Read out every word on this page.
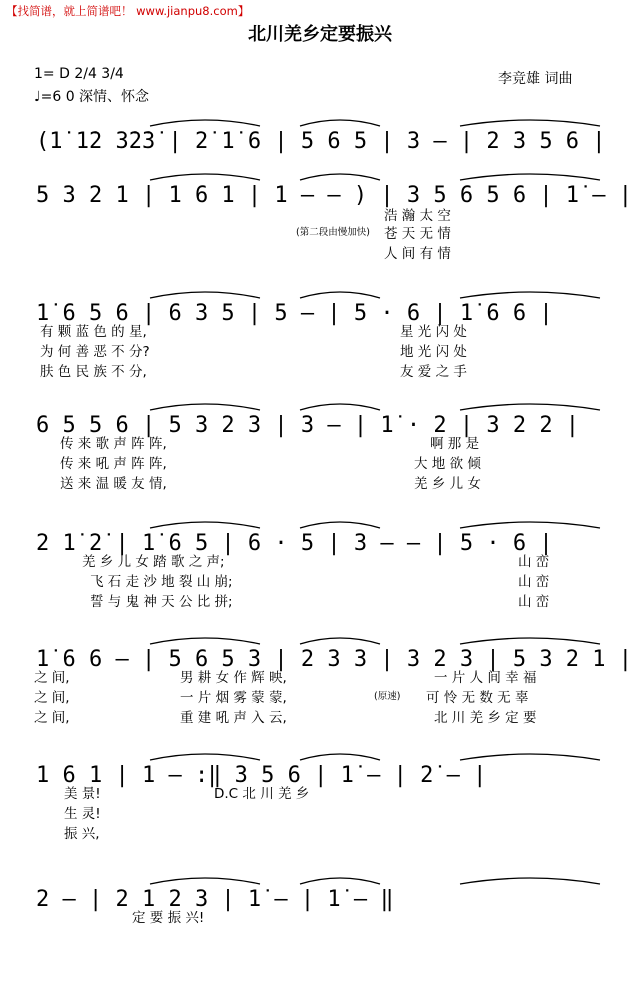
【找简谱，就上简谱吧！ www.jianpu8.com】
北川羌乡定要振兴
1= D 2/4 3/4
♩=6 0 深情、怀念
李竞雄 词曲
(1̇ 1̇2 3̇2̇3̇ | 2̇ 1̇ 6 | 5 6 5 | 3 – | 2 3 5 6 |
5 3 2 1 | 1 6 1 | 1 – – ) | 3 5 6 5 6 | 1̇ – |
浩 瀚 太 空
(第二段由慢加快) 苍 天 无 情
人 间 有 情
1̇ 6 5 6 | 6 3 5 | 5 – | 5 · 6 | 1̇ 6 6 |
有 颗 蓝 色 的 星,	星 光 闪 处
为 何 善 恶 不 分?	地 光 闪 处
肤 色 民 族 不 分,	友 爱 之 手
6 5 5 6 | 5 3 2 3 | 3 – | 1̇ · 2 | 3 2 2 |
传 来 歌 声 阵 阵,	啊 那 是
传 来 吼 声 阵 阵,	大 地 欲 倾
送 来 温 暖 友 情,	羌 乡 儿 女
2 1̇ 2̇ | 1̇ 6 5 | 6 · 5 | 3 – – | 5 · 6 |
羌 乡 儿 女 踏 歌 之 声;	山 峦
飞 石 走 沙 地 裂 山 崩;	山 峦
誓 与 鬼 神 天 公 比 拼;	山 峦
1̇ 6 6 – | 5 6 5 3 | 2 3 3 | 3 2 3 | 5 3 2 1 |
之 间,	男 耕 女 作 辉 映,	一 片 人 间 幸 福
之 间,	一 片 烟 雾 蒙 蒙,	(原速) 可 怜 无 数 无 辜
之 间,	重 建 吼 声 入 云,	北 川 羌 乡 定 要
1 6 1 | 1 – :‖ 3 5 6 | 1̇ – | 2̇ – |
美 景!	D.C 北 川 羌 乡
生 灵!
振 兴,
2 – | 2 1 2 3 | 1̇ – | 1̇ – ‖
定 要 振 兴!
